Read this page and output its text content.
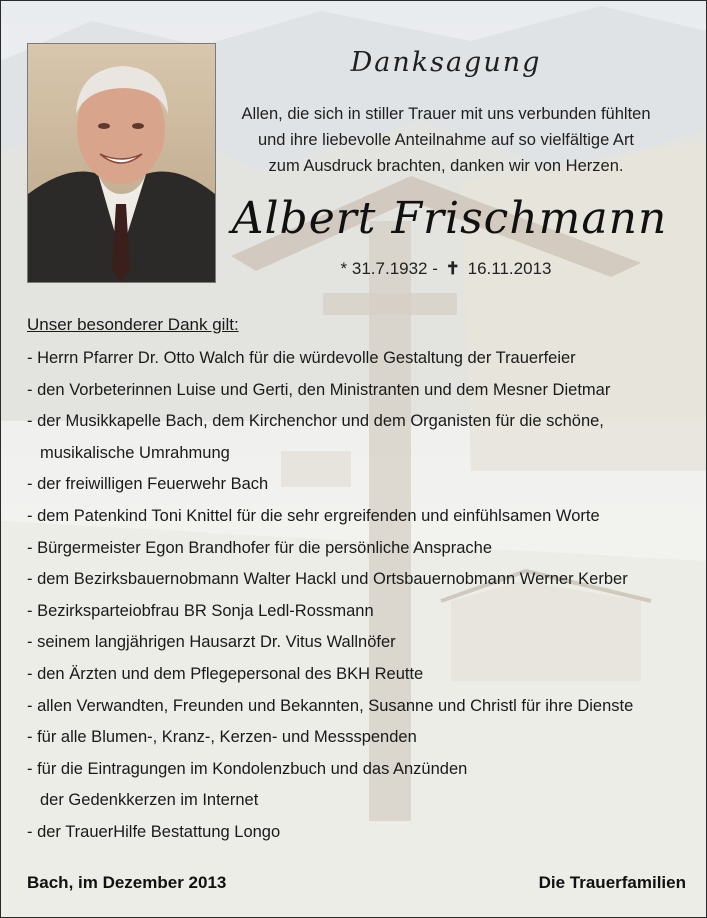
Danksagung
Allen, die sich in stiller Trauer mit uns verbunden fühlten
und ihre liebevolle Anteilnahme auf so vielfältige Art
zum Ausdruck brachten, danken wir von Herzen.
Albert Frischmann
* 31.7.1932 - ✝ 16.11.2013
Unser besonderer Dank gilt:
- Herrn Pfarrer Dr. Otto Walch für die würdevolle Gestaltung der Trauerfeier
- den Vorbeterinnen Luise und Gerti, den Ministranten und dem Mesner Dietmar
- der Musikkapelle Bach, dem Kirchenchor und dem Organisten für die schöne,
musikalische Umrahmung
- der freiwilligen Feuerwehr Bach
- dem Patenkind Toni Knittel für die sehr ergreifenden und einfühlsamen Worte
- Bürgermeister Egon Brandhofer für die persönliche Ansprache
- dem Bezirksbauernobmann Walter Hackl und Ortsbauernobmann Werner Kerber
- Bezirksparteiobfrau BR Sonja Ledl-Rossmann
- seinem langjährigen Hausarzt Dr. Vitus Wallnöfer
- den Ärzten und dem Pflegepersonal des BKH Reutte
- allen Verwandten, Freunden und Bekannten, Susanne und Christl für ihre Dienste
- für alle Blumen-, Kranz-, Kerzen- und Messspenden
- für die Eintragungen im Kondolenzbuch und das Anzünden
der Gedenkkerzen im Internet
- der TrauerHilfe Bestattung Longo
Bach, im Dezember 2013	Die Trauerfamilien
